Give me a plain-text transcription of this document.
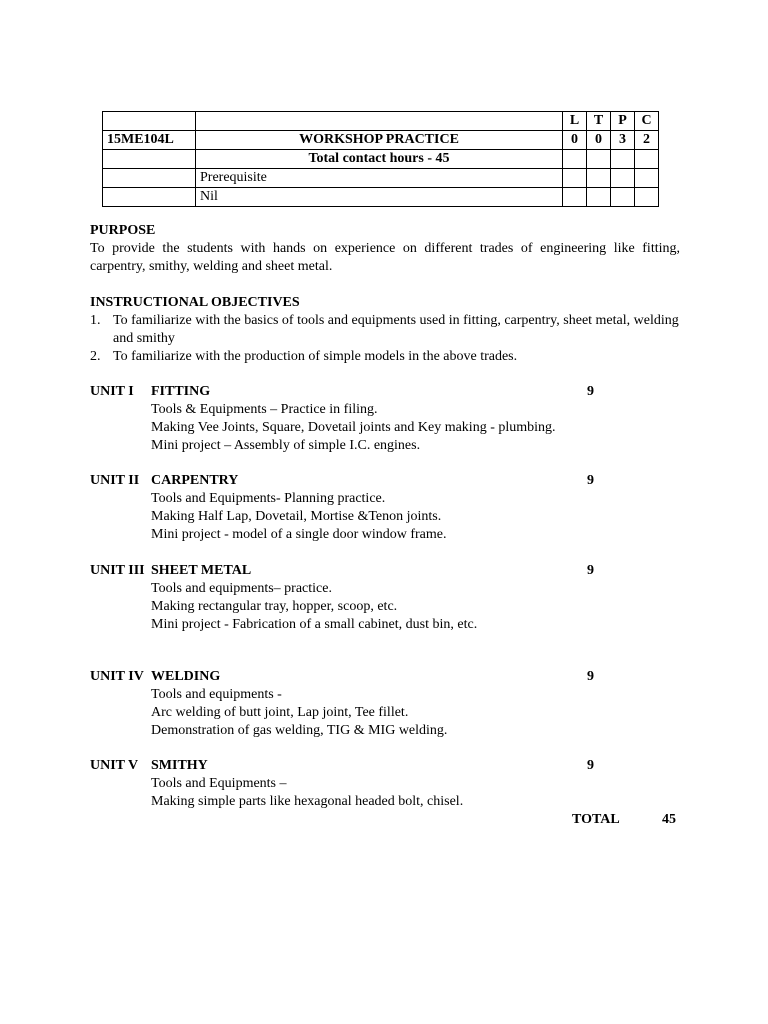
		L	T	P	C
15ME104L	WORKSHOP PRACTICE	0	0	3	2
	Total contact hours - 45				
	Prerequisite				
	Nil				
PURPOSE
To provide the students with hands on experience on different trades of engineering like fitting, carpentry, smithy, welding and sheet metal.
INSTRUCTIONAL OBJECTIVES
1. To familiarize with the basics of tools and equipments used in fitting, carpentry, sheet metal, welding and smithy
2. To familiarize with the production of simple models in the above trades.
UNIT I FITTING	9
Tools & Equipments – Practice in filing.
Making Vee Joints, Square, Dovetail joints and Key making - plumbing.
Mini project – Assembly of simple I.C. engines.
UNIT II CARPENTRY	9
Tools and Equipments- Planning practice.
Making Half Lap, Dovetail, Mortise &Tenon joints.
Mini project - model of a single door window frame.
UNIT III SHEET METAL	9
Tools and equipments– practice.
Making rectangular tray, hopper, scoop, etc.
Mini project - Fabrication of a small cabinet, dust bin, etc.
UNIT IV WELDING	9
Tools and equipments -
Arc welding of butt joint, Lap joint, Tee fillet.
Demonstration of gas welding, TIG & MIG welding.
UNIT V SMITHY	9
Tools and Equipments –
Making simple parts like hexagonal headed bolt, chisel.
TOTAL	45
